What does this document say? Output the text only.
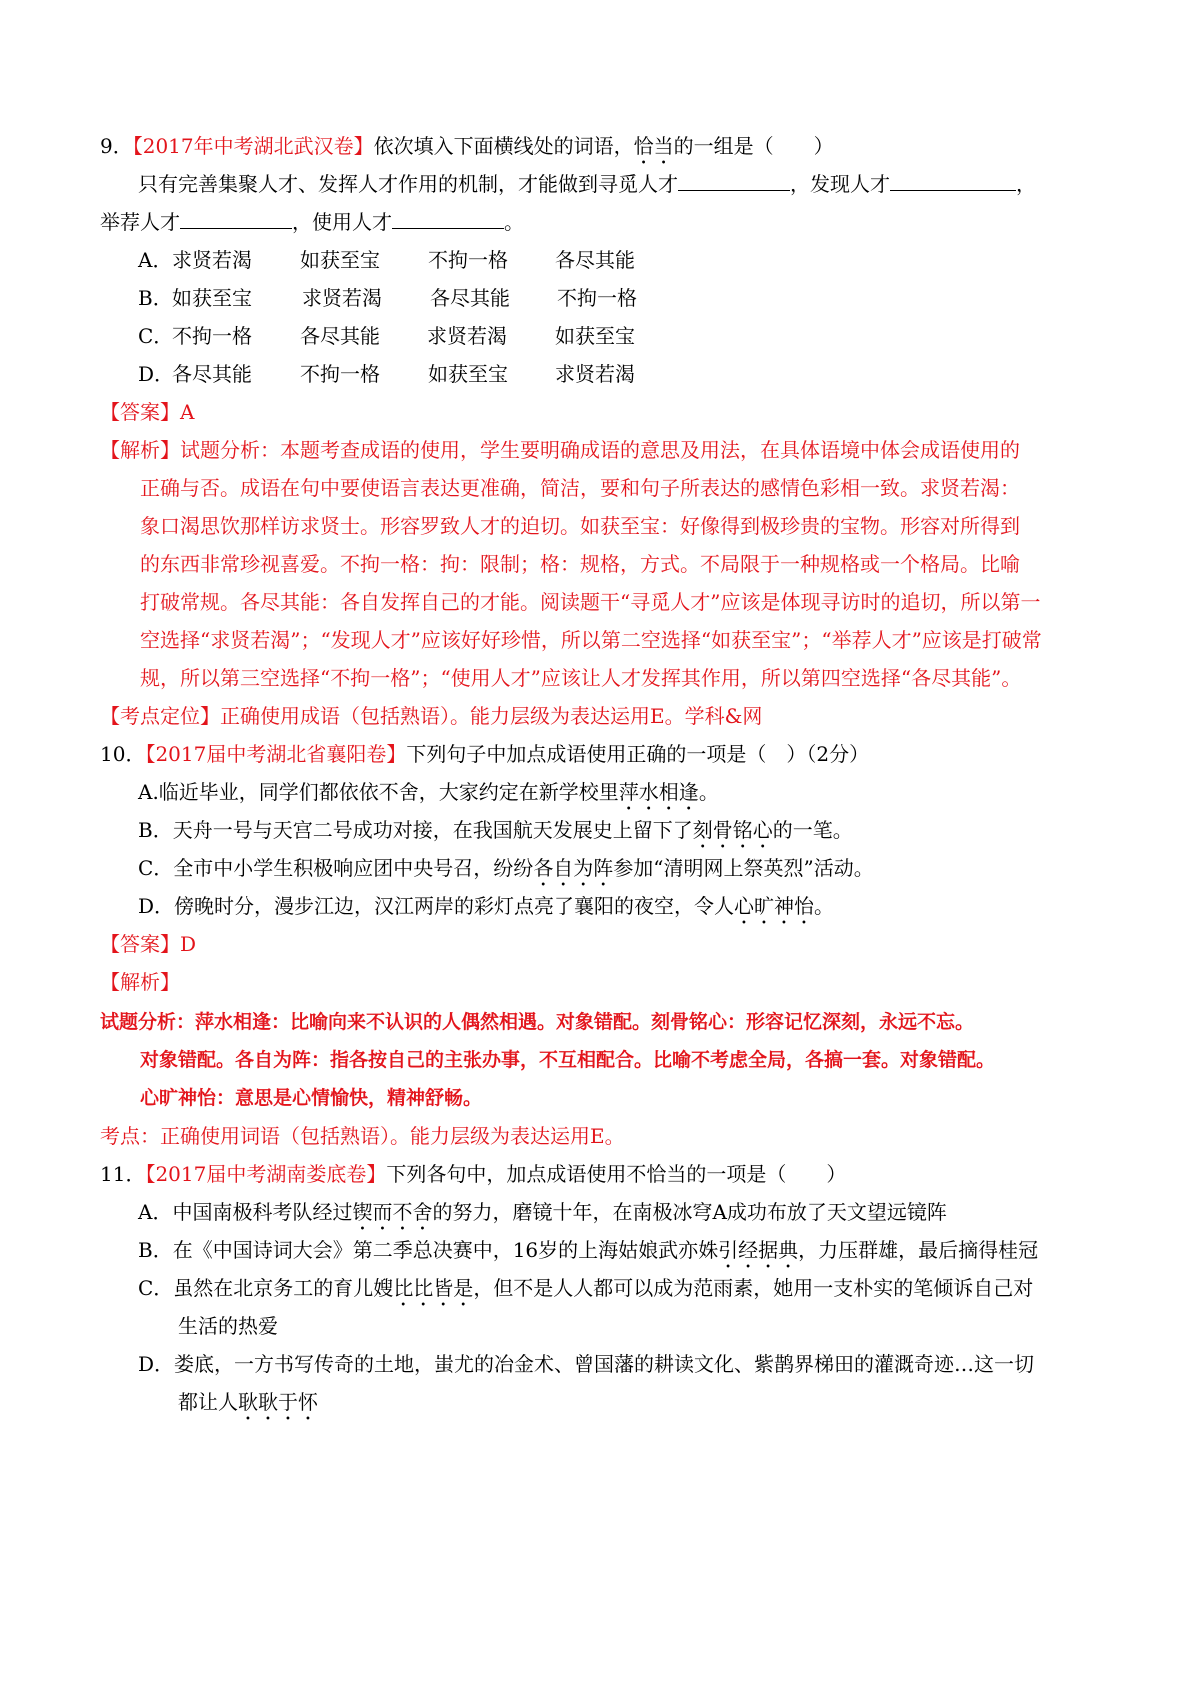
9．【2017年中考湖北武汉卷】依次填入下面横线处的词语，恰当的一组是（　　）
只有完善集聚人才、发挥人才作用的机制，才能做到寻觅人才	，发现人才	，
举荐人才	，使用人才	。
A． 求贤若渴 如获至宝 不拘一格 各尽其能
B． 如获至宝	求贤若渴 各尽其能 不拘一格
C．
不拘一格 各尽其能 求贤若渴 如获至宝
D．
各尽其能 不拘一格 如获至宝 求贤若渴
【答案】A
【解析】试题分析：本题考查成语的使用，学生要明确成语的意思及用法，在具体语境中体会成语使用的
正确与否。成语在句中要使语言表达更准确，简洁，要和句子所表达的感情色彩相一致。求贤若渴：
象口渴思饮那样访求贤士。形容罗致人才的迫切。如获至宝：好像得到极珍贵的宝物。形容对所得到
的东西非常珍视喜爱。不拘一格：拘：限制；格：规格，方式。不局限于一种规格或一个格局。比喻
打破常规。各尽其能：各自发挥自己的才能。阅读题干“寻觅人才”应该是体现寻访时的追切，所以第一
空选择“求贤若渴”；“发现人才”应该好好珍惜，所以第二空选择“如获至宝”；“举荐人才”应该是打破常
规，所以第三空选择“不拘一格”；“使用人才”应该让人才发挥其作用，所以第四空选择“各尽其能”。
【考点定位】正确使用成语（包括熟语）。能力层级为表达运用E。学科&网
10．【2017届中考湖北省襄阳卷】下列句子中加点成语使用正确的一项是（　）（2分）
A.临近毕业，同学们都依依不舍，大家约定在新学校里萍水相逢。
B．天舟一号与天宫二号成功对接，在我国航天发展史上留下了刻骨铭心的一笔。
C．全市中小学生积极响应团中央号召，纷纷各自为阵参加“清明网上祭英烈”活动。
D．傍晚时分，漫步江边，汉江两岸的彩灯点亮了襄阳的夜空，令人心旷神怡。
【答案】D
【解析】
试题分析：萍水相逢：比喻向来不认识的人偶然相遇。对象错配。刻骨铭心：形容记忆深刻，永远不忘。
对象错配。各自为阵：指各按自己的主张办事，不互相配合。比喻不考虑全局，各搞一套。对象错配。
心旷神怡：意思是心情愉快，精神舒畅。
考点：正确使用词语（包括熟语）。能力层级为表达运用E。
11．【2017届中考湖南娄底卷】下列各句中，加点成语使用不恰当的一项是（　　）
A．中国南极科考队经过锲而不舍的努力，磨镜十年，在南极冰穹A成功布放了天文望远镜阵
B．在《中国诗词大会》第二季总决赛中，16岁的上海姑娘武亦姝引经据典，力压群雄，最后摘得桂冠
C．虽然在北京务工的育儿嫂比比皆是，但不是人人都可以成为范雨素，她用一支朴实的笔倾诉自己对
生活的热爱
D．娄底，一方书写传奇的土地，蚩尤的冶金术、曾国藩的耕读文化、紫鹊界梯田的灌溉奇迹…这一切
都让人耿耿于怀
